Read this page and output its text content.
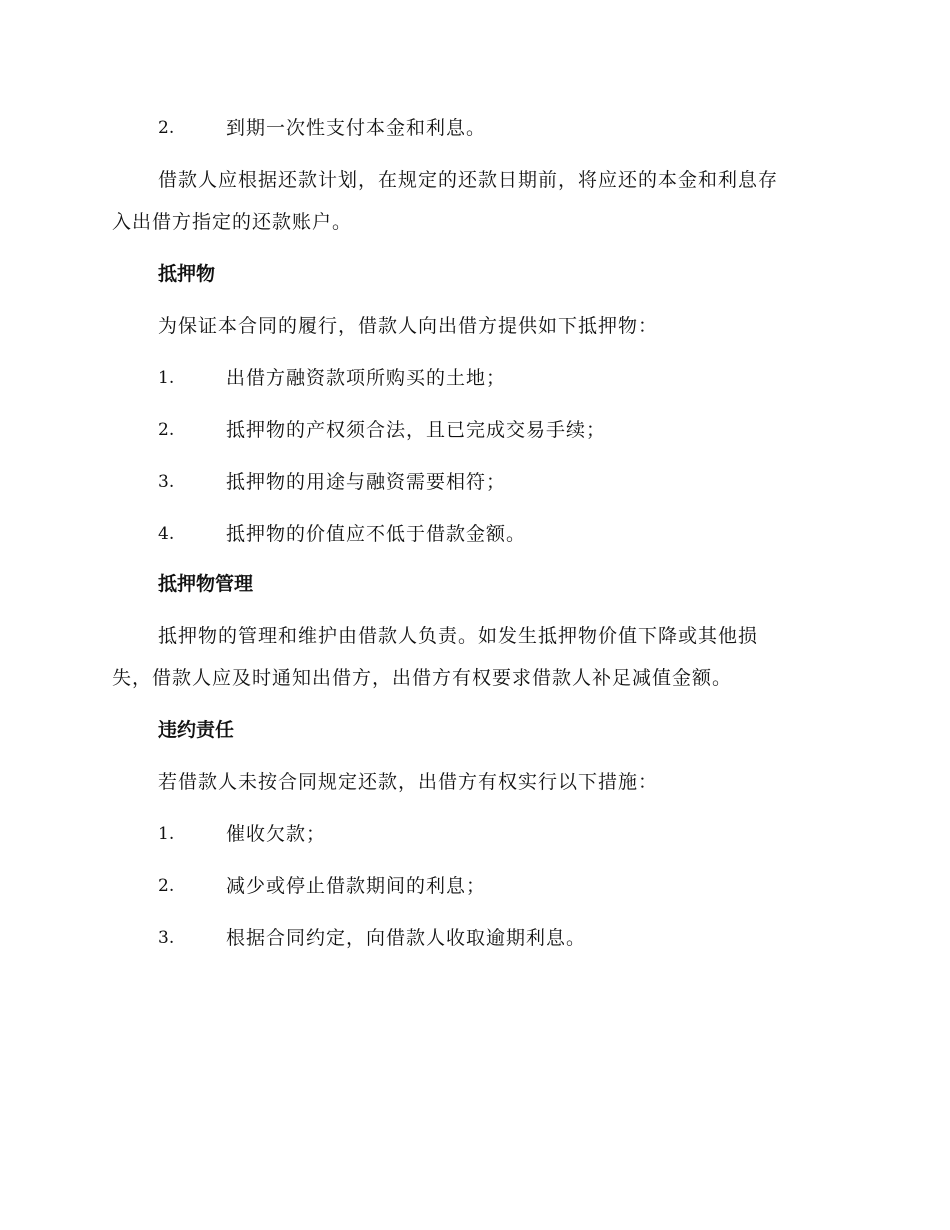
2.	到期一次性支付本金和利息。
借款人应根据还款计划，在规定的还款日期前，将应还的本金和利息存
入出借方指定的还款账户。
抵押物
为保证本合同的履行，借款人向出借方提供如下抵押物：
1.	出借方融资款项所购买的土地；
2.	抵押物的产权须合法，且已完成交易手续；
3.	抵押物的用途与融资需要相符；
4.	抵押物的价值应不低于借款金额。
抵押物管理
抵押物的管理和维护由借款人负责。如发生抵押物价值下降或其他损
失，借款人应及时通知出借方，出借方有权要求借款人补足减值金额。
违约责任
若借款人未按合同规定还款，出借方有权实行以下措施：
1.	催收欠款；
2.	减少或停止借款期间的利息；
3.	根据合同约定，向借款人收取逾期利息。
